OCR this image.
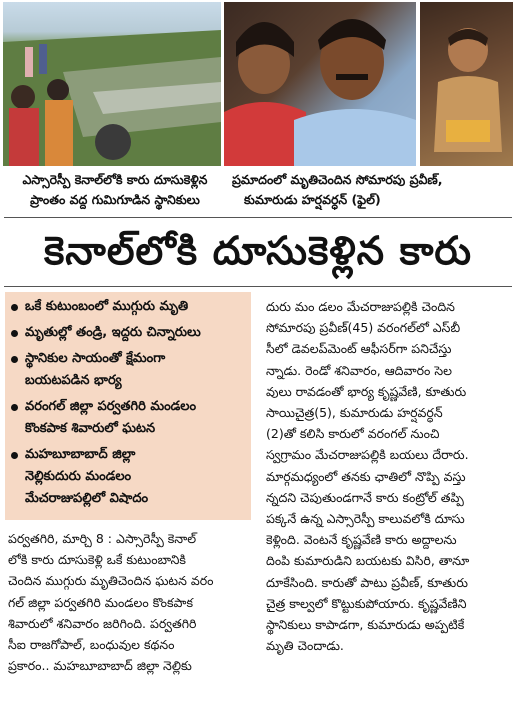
ఎస్సారెస్పీ కెనాల్‌లోకి కారు దూసుకెళ్లిన
ప్రాంతం వద్ద గుమిగూడిన స్థానికులు
ప్రమాదంలో మృతిచెందిన సోమారపు ప్రవీణ్,
కుమారుడు హర్షవర్ధన్ (ఫైల్)
కెనాల్‌లోకి దూసుకెళ్లిన కారు
ఒకే కుటుంబంలో ముగ్గురు మృతి
మృతుల్లో తండ్రి, ఇద్దరు చిన్నారులు
స్థానికుల సాయంతో క్షేమంగా
బయటపడిన భార్య
వరంగల్ జిల్లా పర్వతగిరి మండలం
కొంకపాక శివారులో ఘటన
మహబూబాబాద్ జిల్లా
నెల్లికుదురు మండలం
మేచరాజుపల్లిలో విషాదం
పర్వతగిరి, మార్చి 8 : ఎస్సారెస్పీ కెనాల్
లోకి కారు దూసుకెళ్లి ఒకే కుటుంబానికి
చెందిన ముగ్గురు మృతిచెందిన ఘటన వరం
గల్ జిల్లా పర్వతగిరి మండలం కొంకపాక
శివారులో శనివారం జరిగింది. పర్వతగిరి
సీఐ రాజగోపాల్, బంధువుల కథనం
ప్రకారం.. మహబూబాబాద్ జిల్లా నెల్లికు
దురు మం డలం మేచరాజుపల్లికి చెందిన
సోమారపు ప్రవీణ్(45) వరంగల్‌లో ఎస్‌బీ
సీలో డెవలప్‌మెంట్ ఆఫీసర్‌గా పనిచేస్తు
న్నాడు. రెండో శనివారం, ఆదివారం సెల
వులు రావడంతో భార్య కృష్ణవేణి, కూతురు
సాయిచైత్ర(5), కుమారుడు హర్షవర్ధన్
(2)తో కలిసి కారులో వరంగల్ నుంచి
స్వగ్రామం మేచరాజుపల్లికి బయలు దేరారు.
మార్గమధ్యంలో తనకు ఛాతిలో నొప్పి వస్తు
న్నదని చెపుతుండగానే కారు కంట్రోల్ తప్పి
పక్కనే ఉన్న ఎస్సారెస్పీ కాలువలోకి దూసు
కెళ్లింది. వెంటనే కృష్ణవేణి కారు అద్దాలను
దింపి కుమారుడిని బయటకు విసిరి, తానూ
దూకేసింది. కారుతో పాటు ప్రవీణ్, కూతురు
చైత్ర కాల్వలో కొట్టుకుపోయారు. కృష్ణవేణిని
స్థానికులు కాపాడగా, కుమారుడు అప్పటికే
మృతి చెందాడు.
